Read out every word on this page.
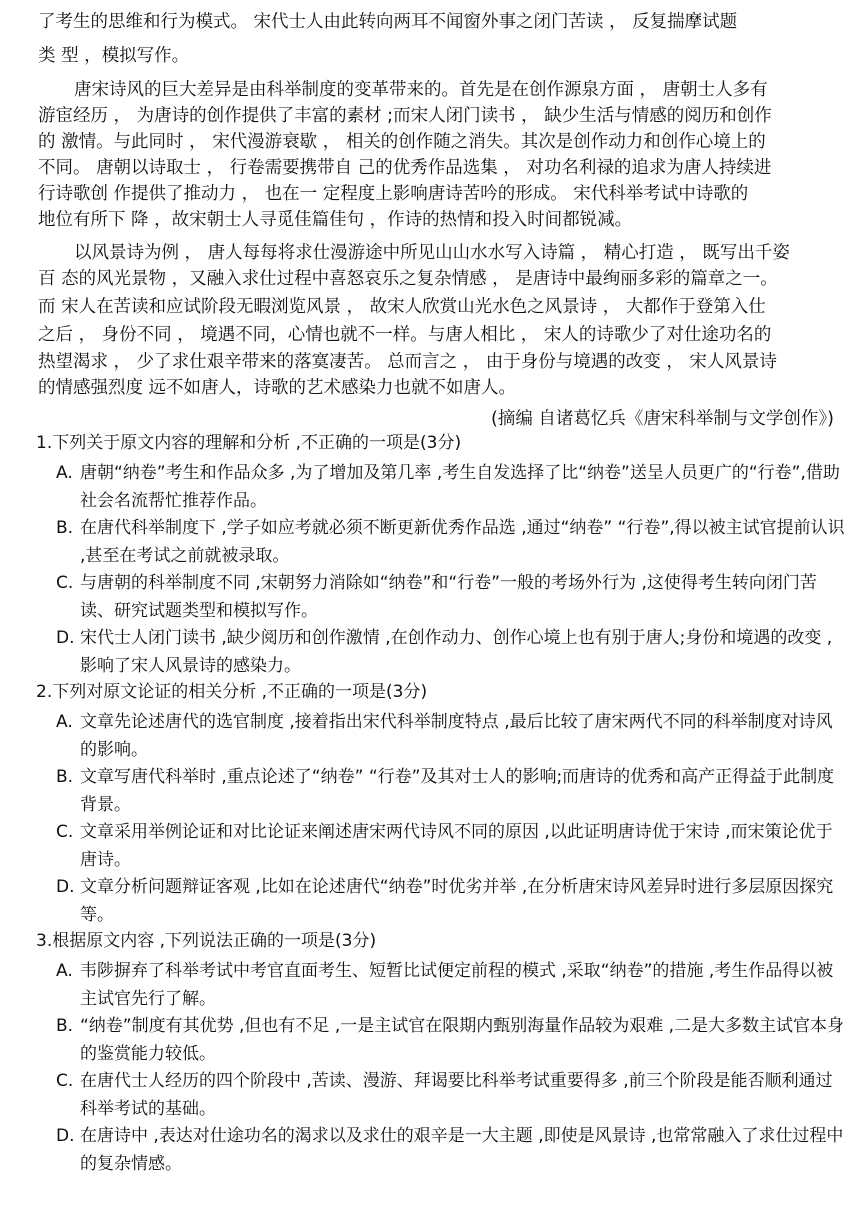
了考生的思维和行为模式。 宋代士人由此转向两耳不闻窗外事之闭门苦读 ， 反复揣摩试题
类 型 ，模拟写作。
唐宋诗风的巨大差异是由科举制度的变革带来的。首先是在创作源泉方面 ， 唐朝士人多有
游宦经历 ， 为唐诗的创作提供了丰富的素材 ;而宋人闭门读书 ， 缺少生活与情感的阅历和创作
的 激情。与此同时 ， 宋代漫游衰歇 ， 相关的创作随之消失。其次是创作动力和创作心境上的
不同。 唐朝以诗取士 ， 行卷需要携带自 己的优秀作品选集 ， 对功名利禄的追求为唐人持续进
行诗歌创 作提供了推动力 ， 也在一 定程度上影响唐诗苦吟的形成。 宋代科举考试中诗歌的
地位有所下 降 ，故宋朝士人寻觅佳篇佳句 ，作诗的热情和投入时间都锐减。
以风景诗为例 ， 唐人每每将求仕漫游途中所见山山水水写入诗篇 ， 精心打造 ， 既写出千姿
百 态的风光景物 ，又融入求仕过程中喜怒哀乐之复杂情感 ， 是唐诗中最绚丽多彩的篇章之一。
而 宋人在苦读和应试阶段无暇浏览风景 ， 故宋人欣赏山光水色之风景诗 ， 大都作于登第入仕
之后 ， 身份不同 ， 境遇不同，心情也就不一样。与唐人相比 ， 宋人的诗歌少了对仕途功名的
热望渴求 ， 少了求仕艰辛带来的落寞凄苦。 总而言之 ， 由于身份与境遇的改变 ， 宋人风景诗
的情感强烈度 远不如唐人，诗歌的艺术感染力也就不如唐人。
(摘编 自诸葛忆兵《唐宋科举制与文学创作》)
1.下列关于原文内容的理解和分析 ,不正确的一项是(3分)
A. 唐朝“纳卷”考生和作品众多 ,为了增加及第几率 ,考生自发选择了比“纳卷”送呈人员更广的“行卷”,借助社会名流帮忙推荐作品。
B. 在唐代科举制度下 ,学子如应考就必须不断更新优秀作品选 ,通过“纳卷” “行卷”,得以被主试官提前认识 ,甚至在考试之前就被录取。
C. 与唐朝的科举制度不同 ,宋朝努力消除如“纳卷”和“行卷”一般的考场外行为 ,这使得考生转向闭门苦读、研究试题类型和模拟写作。
D. 宋代士人闭门读书 ,缺少阅历和创作激情 ,在创作动力、创作心境上也有别于唐人;身份和境遇的改变 ,影响了宋人风景诗的感染力。
2.下列对原文论证的相关分析 ,不正确的一项是(3分)
A. 文章先论述唐代的选官制度 ,接着指出宋代科举制度特点 ,最后比较了唐宋两代不同的科举制度对诗风的影响。
B. 文章写唐代科举时 ,重点论述了“纳卷” “行卷”及其对士人的影响;而唐诗的优秀和高产正得益于此制度背景。
C. 文章采用举例论证和对比论证来阐述唐宋两代诗风不同的原因 ,以此证明唐诗优于宋诗 ,而宋策论优于唐诗。
D. 文章分析问题辩证客观 ,比如在论述唐代“纳卷”时优劣并举 ,在分析唐宋诗风差异时进行多层原因探究等。
3.根据原文内容 ,下列说法正确的一项是(3分)
A. 韦陟摒弃了科举考试中考官直面考生、短暂比试便定前程的模式 ,采取“纳卷”的措施 ,考生作品得以被主试官先行了解。
B. “纳卷”制度有其优势 ,但也有不足 ,一是主试官在限期内甄别海量作品较为艰难 ,二是大多数主试官本身的鉴赏能力较低。
C. 在唐代士人经历的四个阶段中 ,苦读、漫游、拜谒要比科举考试重要得多 ,前三个阶段是能否顺利通过科举考试的基础。
D. 在唐诗中 ,表达对仕途功名的渴求以及求仕的艰辛是一大主题 ,即使是风景诗 ,也常常融入了求仕过程中的复杂情感。
